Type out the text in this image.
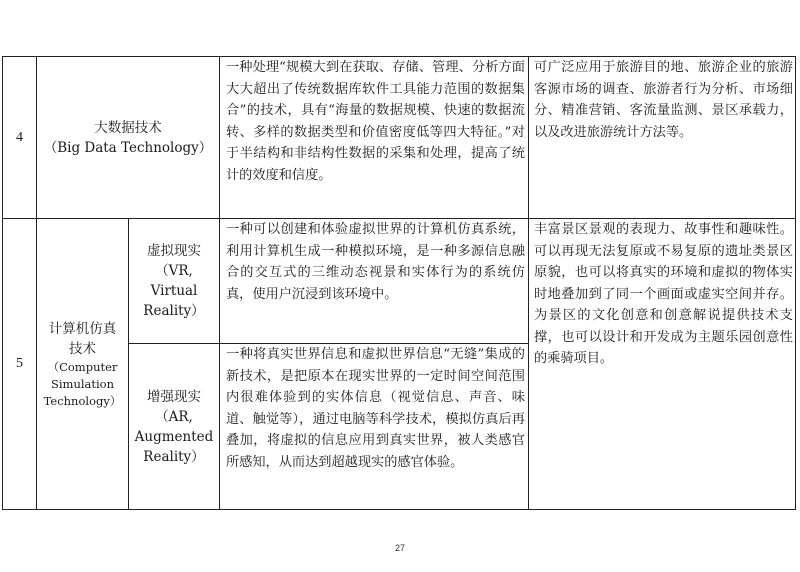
4
大数据技术
（Big Data Technology）
一种处理“规模大到在获取、存储、管理、分析方面大大超出了传统数据库软件工具能力范围的数据集合”的技术，具有“海量的数据规模、快速的数据流转、多样的数据类型和价值密度低等四大特征。”对于半结构和非结构性数据的采集和处理，提高了统计的效度和信度。
可广泛应用于旅游目的地、旅游企业的旅游客源市场的调查、旅游者行为分析、市场细分、精准营销、客流量监测、景区承载力，以及改进旅游统计方法等。
5
计算机仿真
技术
（Computer
Simulation
Technology）
虚拟现实
（VR,
Virtual
Reality）
一种可以创建和体验虚拟世界的计算机仿真系统，利用计算机生成一种模拟环境，是一种多源信息融合的交互式的三维动态视景和实体行为的系统仿真，使用户沉浸到该环境中。
增强现实
（AR,
Augmented
Reality）
一种将真实世界信息和虚拟世界信息“无缝”集成的新技术，是把原本在现实世界的一定时间空间范围内很难体验到的实体信息（视觉信息、声音、味道、触觉等），通过电脑等科学技术，模拟仿真后再叠加，将虚拟的信息应用到真实世界，被人类感官所感知，从而达到超越现实的感官体验。
丰富景区景观的表现力、故事性和趣味性。可以再现无法复原或不易复原的遗址类景区原貌，也可以将真实的环境和虚拟的物体实时地叠加到了同一个画面或虚实空间并存。为景区的文化创意和创意解说提供技术支撑，也可以设计和开发成为主题乐园创意性的乘骑项目。
27
